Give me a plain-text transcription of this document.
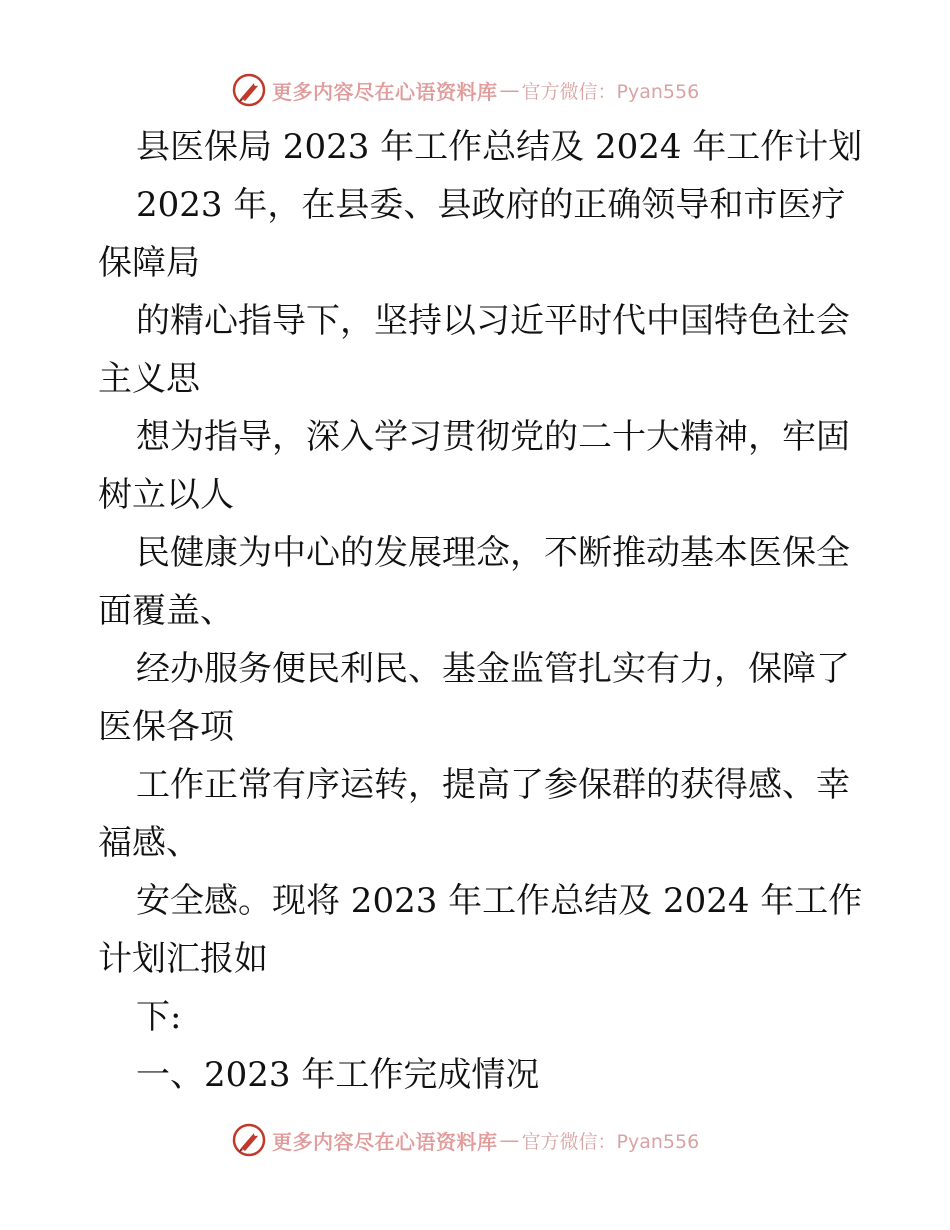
更多内容尽在心语资料库 — 官方微信：Pyan556
县医保局 2023 年工作总结及 2024 年工作计划
2023 年，在县委、县政府的正确领导和市医疗
保障局
的精心指导下，坚持以习近平时代中国特色社会
主义思
想为指导，深入学习贯彻党的二十大精神，牢固
树立以人
民健康为中心的发展理念，不断推动基本医保全
面覆盖、
经办服务便民利民、基金监管扎实有力，保障了
医保各项
工作正常有序运转，提高了参保群的获得感、幸
福感、
安全感。现将 2023 年工作总结及 2024 年工作
计划汇报如
下:
一、2023 年工作完成情况
更多内容尽在心语资料库 — 官方微信：Pyan556
